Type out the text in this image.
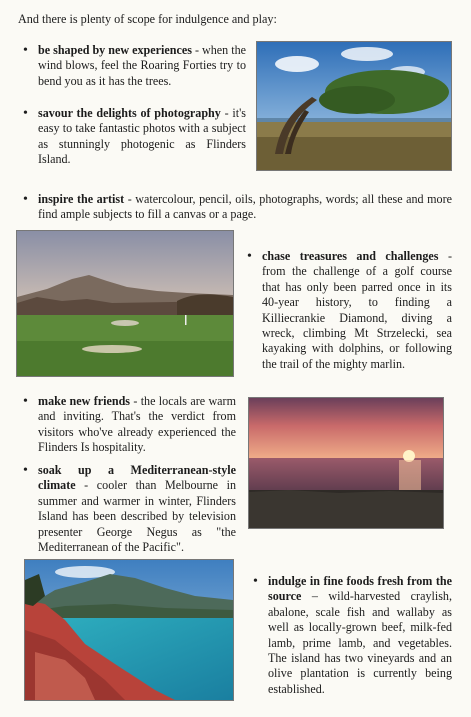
And there is plenty of scope for indulgence and play:
• be shaped by new experiences - when the wind blows, feel the Roaring Forties try to bend you as it has the trees.
• savour the delights of photography - it's easy to take fantastic photos with a subject as stunningly photogenic as Flinders Island.
• inspire the artist - watercolour, pencil, oils, photographs, words; all these and more find ample subjects to fill a canvas or a page.
• chase treasures and challenges - from the challenge of a golf course that has only been parred once in its 40-year history, to finding a Killiecrankie Diamond, diving a wreck, climbing Mt Strzelecki, sea kayaking with dolphins, or following the trail of the mighty marlin.
• make new friends - the locals are warm and inviting. That's the verdict from visitors who've already experienced the Flinders Is hospitality.
• soak up a Mediterranean-style climate - cooler than Melbourne in summer and warmer in winter, Flinders Island has been described by television presenter George Negus as "the Mediterranean of the Pacific".
• indulge in fine foods fresh from the source – wild-harvested craylish, abalone, scale fish and wallaby as well as locally-grown beef, milk-fed lamb, prime lamb, and vegetables. The island has two vineyards and an olive plantation is currently being established.
